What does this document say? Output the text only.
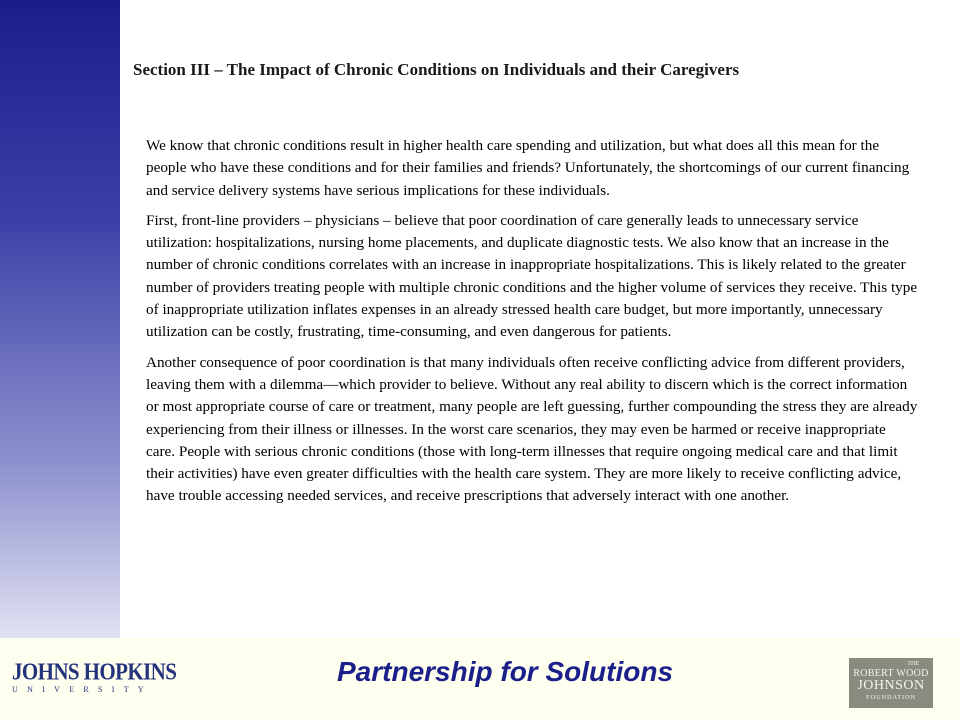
Section III – The Impact of Chronic Conditions on Individuals and their Caregivers

We know that chronic conditions result in higher health care spending and utilization, but what does all this mean for the people who have these conditions and for their families and friends? Unfortunately, the shortcomings of our current financing and service delivery systems have serious implications for these individuals.

First, front-line providers – physicians – believe that poor coordination of care generally leads to unnecessary service utilization: hospitalizations, nursing home placements, and duplicate diagnostic tests. We also know that an increase in the number of chronic conditions correlates with an increase in inappropriate hospitalizations. This is likely related to the greater number of providers treating people with multiple chronic conditions and the higher volume of services they receive. This type of inappropriate utilization inflates expenses in an already stressed health care budget, but more importantly, unnecessary utilization can be costly, frustrating, time-consuming, and even dangerous for patients.

Another consequence of poor coordination is that many individuals often receive conflicting advice from different providers, leaving them with a dilemma—which provider to believe. Without any real ability to discern which is the correct information or most appropriate course of care or treatment, many people are left guessing, further compounding the stress they are already experiencing from their illness or illnesses. In the worst care scenarios, they may even be harmed or receive inappropriate care. People with serious chronic conditions (those with long-term illnesses that require ongoing medical care and that limit their activities) have even greater difficulties with the health care system. They are more likely to receive conflicting advice, have trouble accessing needed services, and receive prescriptions that adversely interact with one another.

JOHNS HOPKINS
UNIVERSITY
Partnership for Solutions	THE
ROBERT WOOD
JOHNSON
FOUNDATION
